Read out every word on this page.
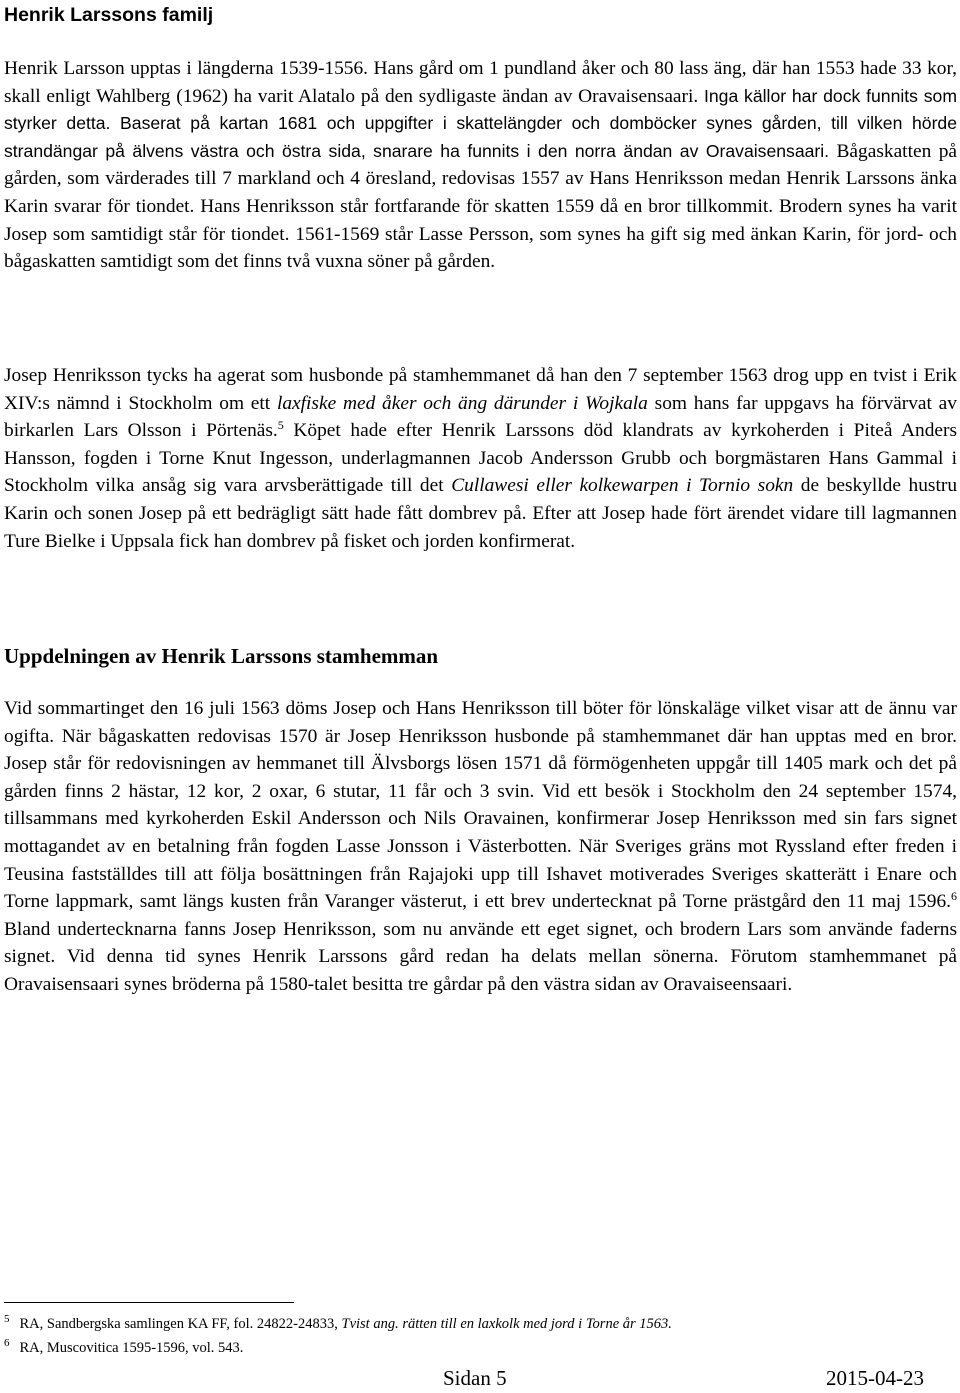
Henrik Larssons familj

Henrik Larsson upptas i längderna 1539-1556. Hans gård om 1 pundland åker och 80 lass äng, där han 1553 hade 33 kor, skall enligt Wahlberg (1962) ha varit Alatalo på den sydligaste ändan av Oravaisensaari. Inga källor har dock funnits som styrker detta. Baserat på kartan 1681 och uppgifter i skattelängder och domböcker synes gården, till vilken hörde strandängar på älvens västra och östra sida, snarare ha funnits i den norra ändan av Oravaisensaari. Bågaskatten på gården, som värderades till 7 markland och 4 öresland, redovisas 1557 av Hans Henriksson medan Henrik Larssons änka Karin svarar för tiondet. Hans Henriksson står fortfarande för skatten 1559 då en bror tillkommit. Brodern synes ha varit Josep som samtidigt står för tiondet. 1561-1569 står Lasse Persson, som synes ha gift sig med änkan Karin, för jord- och bågaskatten samtidigt som det finns två vuxna söner på gården.

Josep Henriksson tycks ha agerat som husbonde på stamhemmanet då han den 7 september 1563 drog upp en tvist i Erik XIV:s nämnd i Stockholm om ett laxfiske med åker och äng därunder i Wojkala som hans far uppgavs ha förvärvat av birkarlen Lars Olsson i Pörtenäs.$^5$ Köpet hade efter Henrik Larssons död klandrats av kyrkoherden i Piteå Anders Hansson, fogden i Torne Knut Ingesson, underlagmannen Jacob Andersson Grubb och borgmästaren Hans Gammal i Stockholm vilka ansåg sig vara arvsberättigade till det Cullawesi eller kolkewarpen i Tornio sokn de beskyllde hustru Karin och sonen Josep på ett bedrägligt sätt hade fått dombrev på. Efter att Josep hade fört ärendet vidare till lagmannen Ture Bielke i Uppsala fick han dombrev på fisket och jorden konfirmerat.

Uppdelningen av Henrik Larssons stamhemman

Vid sommartinget den 16 juli 1563 döms Josep och Hans Henriksson till böter för lönskaläge vilket visar att de ännu var ogifta. När bågaskatten redovisas 1570 är Josep Henriksson husbonde på stamhemmanet där han upptas med en bror. Josep står för redovisningen av hemmanet till Älvsborgs lösen 1571 då förmögenheten uppgår till 1405 mark och det på gården finns 2 hästar, 12 kor, 2 oxar, 6 stutar, 11 får och 3 svin. Vid ett besök i Stockholm den 24 september 1574, tillsammans med kyrkoherden Eskil Andersson och Nils Oravainen, konfirmerar Josep Henriksson med sin fars signet mottagandet av en betalning från fogden Lasse Jonsson i Västerbotten. När Sveriges gräns mot Ryssland efter freden i Teusina fastställdes till att följa bosättningen från Rajajoki upp till Ishavet motiverades Sveriges skatterätt i Enare och Torne lappmark, samt längs kusten från Varanger västerut, i ett brev undertecknat på Torne prästgård den 11 maj 1596.$^6$ Bland undertecknarna fanns Josep Henriksson, som nu använde ett eget signet, och brodern Lars som använde faderns signet. Vid denna tid synes Henrik Larssons gård redan ha delats mellan sönerna. Förutom stamhemmanet på Oravaisensaari synes bröderna på 1580-talet besitta tre gårdar på den västra sidan av Oravaiseensaari.

$^5$ RA, Sandbergska samlingen KA FF, fol. 24822-24833, Tvist ang. rätten till en laxkolk med jord i Torne år 1563.

$^6$ RA, Muscovitica 1595-1596, vol. 543.

Sidan 5	2015-04-23
